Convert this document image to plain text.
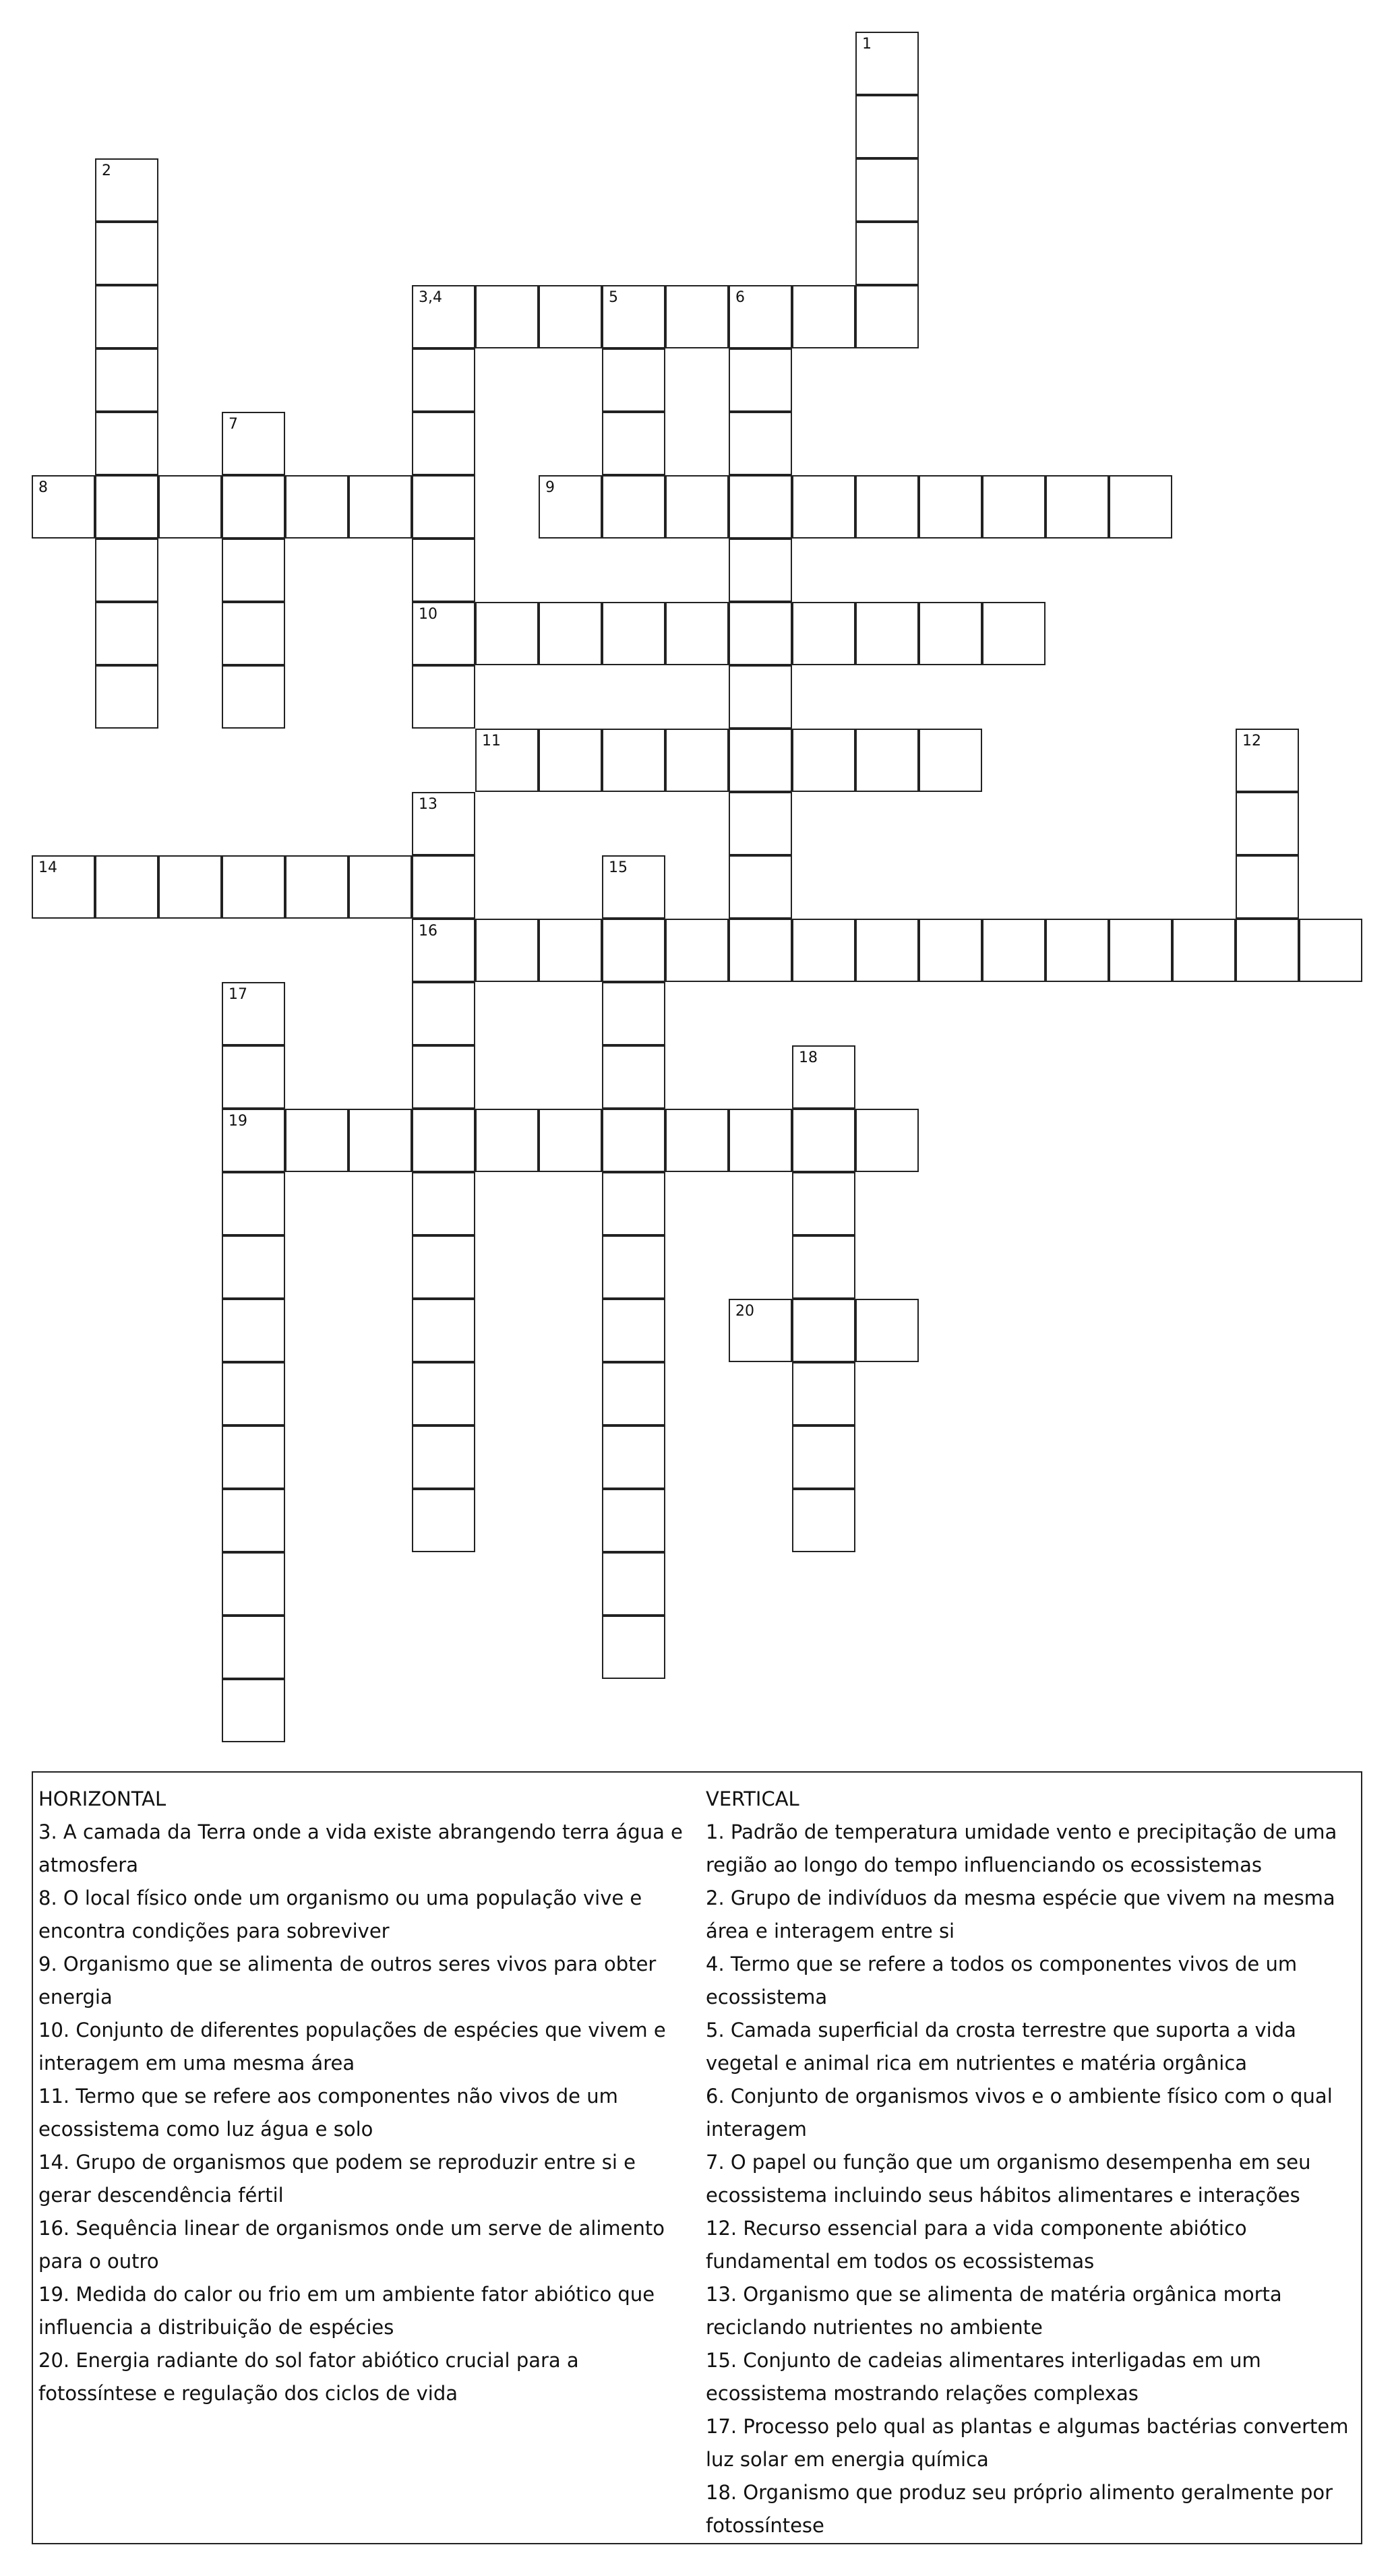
1
2
3,4	5	6
10
7
8	9
11	12
13
16
14	15
17
19
18
20
HORIZONTAL
3. A camada da Terra onde a vida existe abrangendo terra água e atmosfera
8. O local físico onde um organismo ou uma população vive e encontra condições para sobreviver
9. Organismo que se alimenta de outros seres vivos para obter energia
10. Conjunto de diferentes populações de espécies que vivem e interagem em uma mesma área
11. Termo que se refere aos componentes não vivos de um ecossistema como luz água e solo
14. Grupo de organismos que podem se reproduzir entre si e gerar descendência fértil
16. Sequência linear de organismos onde um serve de alimento para o outro
19. Medida do calor ou frio em um ambiente fator abiótico que influencia a distribuição de espécies
20. Energia radiante do sol fator abiótico crucial para a fotossíntese e regulação dos ciclos de vida
VERTICAL
1. Padrão de temperatura umidade vento e precipitação de uma região ao longo do tempo influenciando os ecossistemas
2. Grupo de indivíduos da mesma espécie que vivem na mesma área e interagem entre si
4. Termo que se refere a todos os componentes vivos de um ecossistema
5. Camada superficial da crosta terrestre que suporta a vida vegetal e animal rica em nutrientes e matéria orgânica
6. Conjunto de organismos vivos e o ambiente físico com o qual interagem
7. O papel ou função que um organismo desempenha em seu ecossistema incluindo seus hábitos alimentares e interações
12. Recurso essencial para a vida componente abiótico fundamental em todos os ecossistemas
13. Organismo que se alimenta de matéria orgânica morta reciclando nutrientes no ambiente
15. Conjunto de cadeias alimentares interligadas em um ecossistema mostrando relações complexas
17. Processo pelo qual as plantas e algumas bactérias convertem luz solar em energia química
18. Organismo que produz seu próprio alimento geralmente por fotossíntese
